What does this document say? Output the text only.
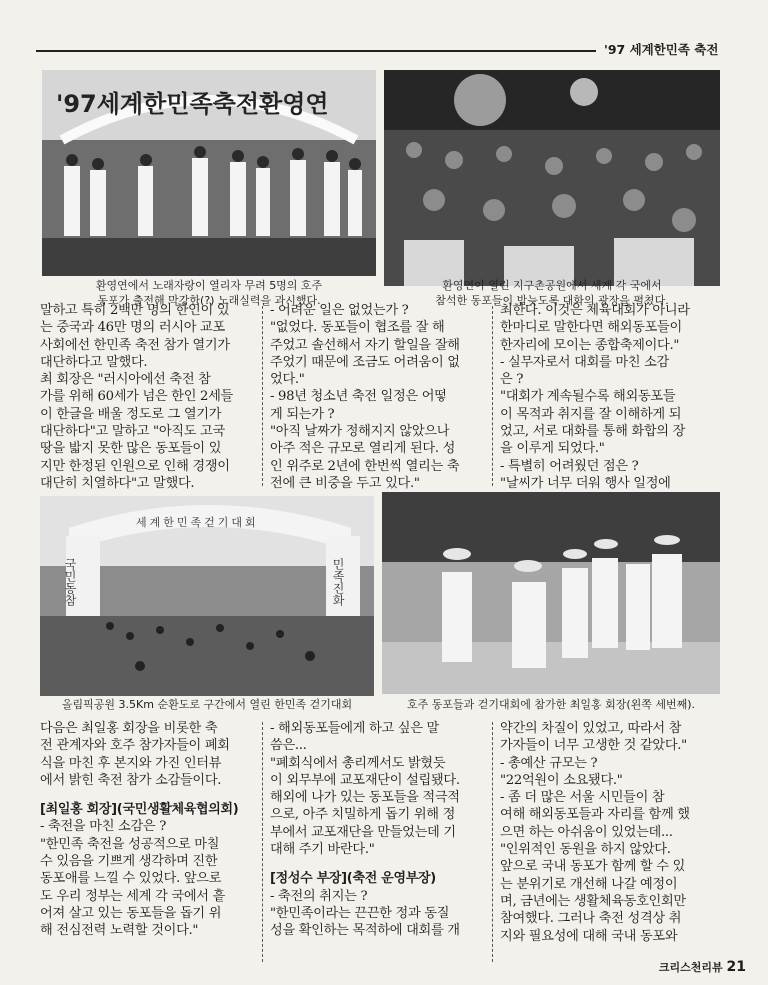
'97 세계한민족 축전
'97세계한민족축전환영연
환영연에서 노래자랑이 열리자 무려 5명의 호주
동포가 출전해 막강한(?) 노래실력을 과시했다.
환영연이 열린 지구촌공원에서 세계 각 국에서
참석한 동포들이 밤늦도록 대화의 광장을 펼쳤다.

말하고 특히 2백만 명의 한인이 있

는 중국과 46만 명의 러시아 교포

사회에선 한민족 축전 참가 열기가

대단하다고 말했다.

최 회장은 "러시아에선 축전 참

가를 위해 60세가 넘은 한인 2세들

이 한글을 배울 정도로 그 열기가

대단하다"고 말하고 "아직도 고국

땅을 밟지 못한 많은 동포들이 있

지만 한정된 인원으로 인해 경쟁이

대단히 치열하다"고 말했다.

- 어려운 일은 없었는가 ?

"없었다. 동포들이 협조를 잘 해

주었고 솔선해서 자기 할일을 잘해

주었기 때문에 조금도 어려움이 없

었다."

- 98년 청소년 축전 일정은 어떻

게 되는가 ?

"아직 날짜가 정해지지 않았으나

아주 적은 규모로 열리게 된다. 성

인 위주로 2년에 한번씩 열리는 축

전에 큰 비중을 두고 있다."

최한다. 이것은 체육대회가 아니라

한마디로 말한다면 해외동포들이

한자리에 모이는 종합축제이다."

- 실무자로서 대회를 마친 소감

은 ?

"대회가 계속될수록 해외동포들

이 목적과 취지를 잘 이해하게 되

었고, 서로 대화를 통해 화합의 장

을 이루게 되었다."

- 특별히 어려웠던 점은 ?

"날씨가 너무 더워 행사 일정에

세계한민족걷기대회
국민동참	민족진화
올림픽공원 3.5Km 순환도로 구간에서 열린 한민족 걷기대회	호주 동포들과 걷기대회에 참가한 최일홍 회장(왼쪽 세번째).

다음은 최일홍 회장을 비롯한 축

전 관계자와 호주 참가자들이 폐회

식을 마친 후 본지와 가진 인터뷰

에서 밝힌 축전 참가 소감들이다.

[최일홍 회장](국민생활체육협의회)

- 축전을 마친 소감은 ?

"한민족 축전을 성공적으로 마칠

수 있음을 기쁘게 생각하며 진한

동포애를 느낄 수 있었다. 앞으로

도 우리 정부는 세계 각 국에서 흩

어져 살고 있는 동포들을 돕기 위

해 전심전력 노력할 것이다."

- 해외동포들에게 하고 싶은 말

씀은...

"폐회식에서 총리께서도 밝혔듯

이 외무부에 교포재단이 설립됐다.

해외에 나가 있는 동포들을 적극적

으로, 아주 치밀하게 돕기 위해 정

부에서 교포재단을 만들었는데 기

대해 주기 바란다."

[정성수 부장](축전 운영부장)

- 축전의 취지는 ?

"한민족이라는 끈끈한 정과 동질

성을 확인하는 목적하에 대회를 개

약간의 차질이 있었고, 따라서 참

가자들이 너무 고생한 것 같았다."

- 총예산 규모는 ?

"22억원이 소요됐다."

- 좀 더 많은 서울 시민들이 참

여해 해외동포들과 자리를 함께 했

으면 하는 아쉬움이 있었는데...

"인위적인 동원을 하지 않았다.

앞으로 국내 동포가 함께 할 수 있

는 분위기로 개선해 나갈 예정이

며, 금년에는 생활체육동호인회만

참여했다. 그러나 축전 성격상 취

지와 필요성에 대해 국내 동포와

크리스천리뷰 21
